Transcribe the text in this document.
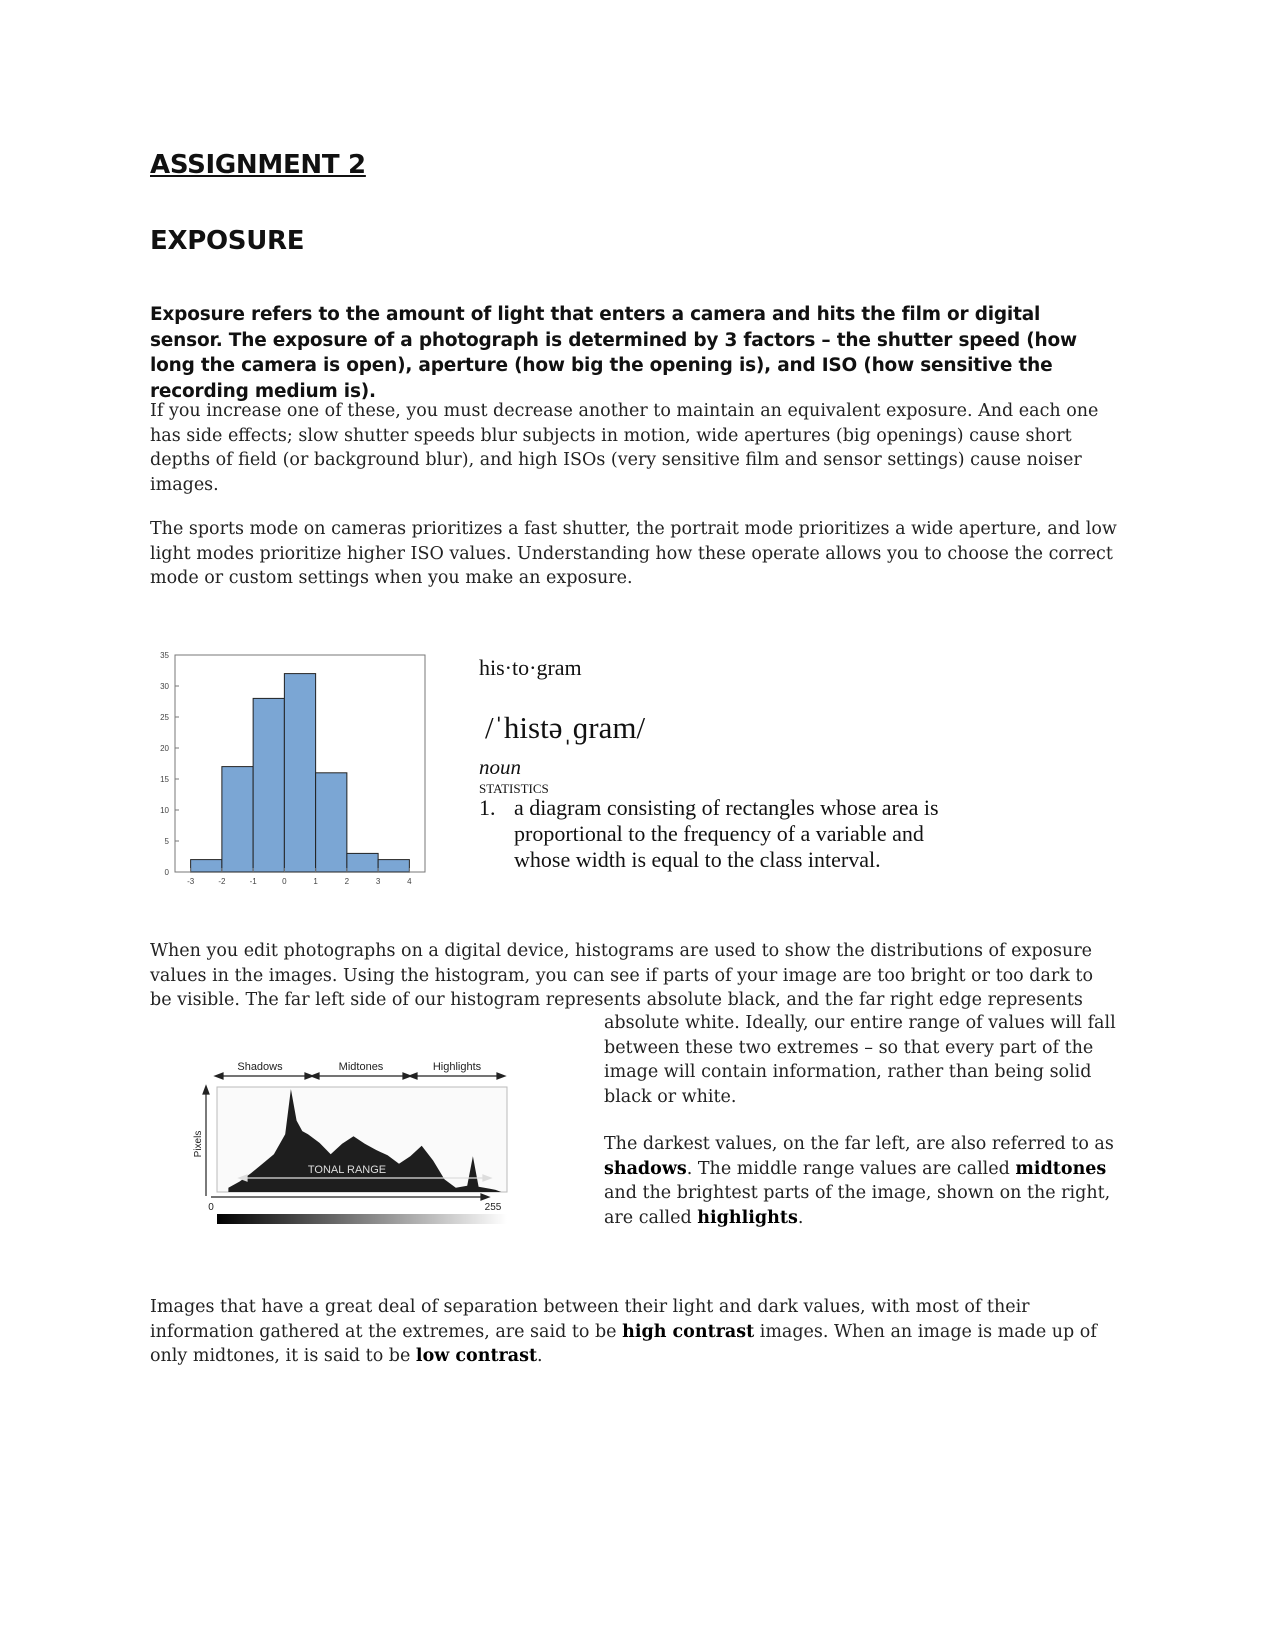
ASSIGNMENT 2
EXPOSURE
Exposure refers to the amount of light that enters a camera and hits the film or digital sensor. The exposure of a photograph is determined by 3 factors – the shutter speed (how long the camera is open), aperture (how big the opening is), and ISO (how sensitive the recording medium is).
If you increase one of these, you must decrease another to maintain an equivalent exposure. And each one has side effects; slow shutter speeds blur subjects in motion, wide apertures (big openings) cause short depths of field (or background blur), and high ISOs (very sensitive film and sensor settings) cause noiser images.
The sports mode on cameras prioritizes a fast shutter, the portrait mode prioritizes a wide aperture, and low light modes prioritize higher ISO values. Understanding how these operate allows you to choose the correct mode or custom settings when you make an exposure.
0
5
10
15
20
25
30
35
-3	-2	-1	0	1	2	3	4
his·to·gram
/ˈhistəˌɡram/
noun
STATISTICS
1. a diagram consisting of rectangles whose area is proportional to the frequency of a variable and whose width is equal to the class interval.
When you edit photographs on a digital device, histograms are used to show the distributions of exposure values in the images. Using the histogram, you can see if parts of your image are too bright or too dark to be visible. The far left side of our histogram represents absolute black, and the far right edge represents
absolute white. Ideally, our entire range of values will fall between these two extremes – so that every part of the image will contain information, rather than being solid black or white.
Shadows	Midtones	Highlights
TONAL RANGE
Pixels
0	255
The darkest values, on the far left, are also referred to as shadows. The middle range values are called midtones and the brightest parts of the image, shown on the right, are called highlights.
Images that have a great deal of separation between their light and dark values, with most of their information gathered at the extremes, are said to be high contrast images. When an image is made up of only midtones, it is said to be low contrast.
